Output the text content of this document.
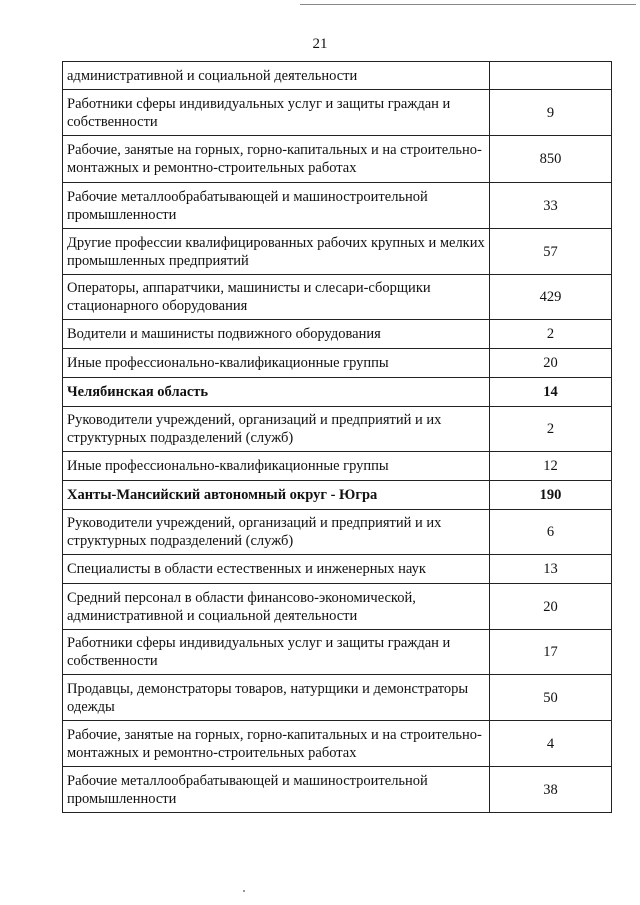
21
административной и социальной деятельности	
Работники сферы индивидуальных услуг и защиты граждан и собственности	9
Рабочие, занятые на горных, горно-капитальных и на строительно-монтажных и ремонтно-строительных работах	850
Рабочие металлообрабатывающей и машиностроительной промышленности	33
Другие профессии квалифицированных рабочих крупных и мелких промышленных предприятий	57
Операторы, аппаратчики, машинисты и слесари-сборщики стационарного оборудования	429
Водители и машинисты подвижного оборудования	2
Иные профессионально-квалификационные группы	20
Челябинская область	14
Руководители учреждений, организаций и предприятий и их структурных подразделений (служб)	2
Иные профессионально-квалификационные группы	12
Ханты-Мансийский автономный округ - Югра	190
Руководители учреждений, организаций и предприятий и их структурных подразделений (служб)	6
Специалисты в области естественных и инженерных наук	13
Средний персонал в области финансово-экономической, административной и социальной деятельности	20
Работники сферы индивидуальных услуг и защиты граждан и собственности	17
Продавцы, демонстраторы товаров, натурщики и демонстраторы одежды	50
Рабочие, занятые на горных, горно-капитальных и на строительно-монтажных и ремонтно-строительных работах	4
Рабочие металлообрабатывающей и машиностроительной промышленности	38
